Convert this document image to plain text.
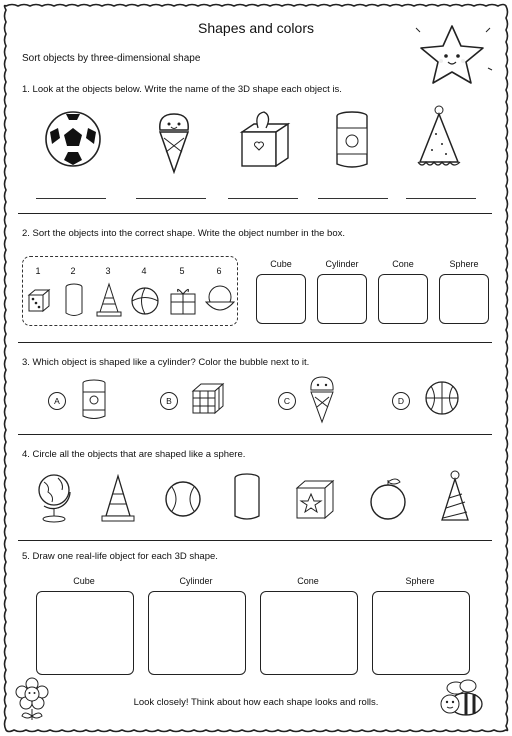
Shapes and colors
Sort objects by three-dimensional shape
1. Look at the objects below. Write the name of the 3D shape each object is.
2. Sort the objects into the correct shape. Write the object number in the box.
1	2	3	4	5	6
Cube	Cylinder	Cone	Sphere
3. Which object is shaped like a cylinder? Color the bubble next to it.
A	B	C	D
4. Circle all the objects that are shaped like a sphere.
5. Draw one real-life object for each 3D shape.
Cube	Cylinder	Cone	Sphere
Look closely! Think about how each shape looks and rolls.
